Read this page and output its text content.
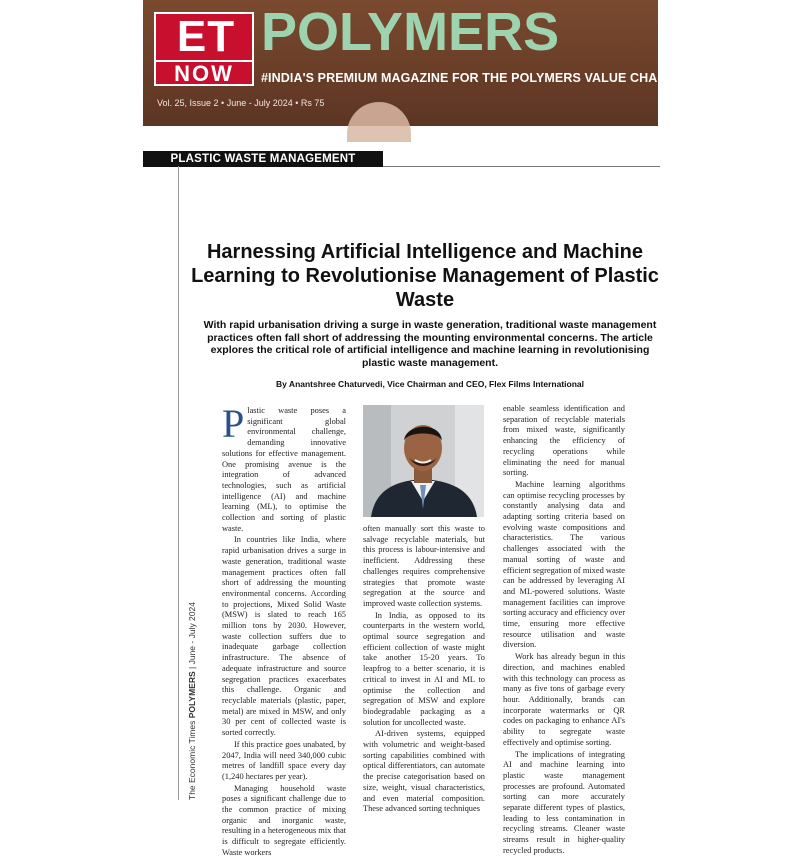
ET
NOW
POLYMERS
#INDIA'S PREMIUM MAGAZINE FOR THE POLYMERS VALUE CHAIN
Vol. 25, Issue 2 • June - July 2024 • Rs 75
PLASTIC WASTE MANAGEMENT
The Economic Times POLYMERS | June - July 2024
Harnessing Artificial Intelligence and Machine Learning to Revolutionise Management of Plastic Waste
With rapid urbanisation driving a surge in waste generation, traditional waste management practices often fall short of addressing the mounting environmental concerns. The article explores the critical role of artificial intelligence and machine learning in revolutionising plastic waste management.
By Anantshree Chaturvedi, Vice Chairman and CEO, Flex Films International

Plastic waste poses a significant global environmental challenge, demanding innovative solutions for effective management. One promising avenue is the integration of advanced technologies, such as artificial intelligence (AI) and machine learning (ML), to optimise the collection and sorting of plastic waste.

In countries like India, where rapid urbanisation drives a surge in waste generation, traditional waste management practices often fall short of addressing the mounting environmental concerns. According to projections, Mixed Solid Waste (MSW) is slated to reach 165 million tons by 2030. However, waste collection suffers due to inadequate garbage collection infrastructure. The absence of adequate infrastructure and source segregation practices exacerbates this challenge. Organic and recyclable materials (plastic, paper, metal) are mixed in MSW, and only 30 per cent of collected waste is sorted correctly.

If this practice goes unabated, by 2047, India will need 340,000 cubic metres of landfill space every day (1,240 hectares per year).

Managing household waste poses a significant challenge due to the common practice of mixing organic and inorganic waste, resulting in a heterogeneous mix that is difficult to segregate efficiently. Waste workers

often manually sort this waste to salvage recyclable materials, but this process is labour-intensive and inefficient. Addressing these challenges requires comprehensive strategies that promote waste segregation at the source and improved waste collection systems.

In India, as opposed to its counterparts in the western world, optimal source segregation and efficient collection of waste might take another 15-20 years. To leapfrog to a better scenario, it is critical to invest in AI and ML to optimise the collection and segregation of MSW and explore biodegradable packaging as a solution for uncollected waste.

AI-driven systems, equipped with volumetric and weight-based sorting capabilities combined with optical differentiators, can automate the precise categorisation based on size, weight, visual characteristics, and even material composition. These advanced sorting techniques

enable seamless identification and separation of recyclable materials from mixed waste, significantly enhancing the efficiency of recycling operations while eliminating the need for manual sorting.

Machine learning algorithms can optimise recycling processes by constantly analysing data and adapting sorting criteria based on evolving waste compositions and characteristics. The various challenges associated with the manual sorting of waste and efficient segregation of mixed waste can be addressed by leveraging AI and ML-powered solutions. Waste management facilities can improve sorting accuracy and efficiency over time, ensuring more effective resource utilisation and waste diversion.

Work has already begun in this direction, and machines enabled with this technology can process as many as five tons of garbage every hour. Additionally, brands can incorporate watermarks or QR codes on packaging to enhance AI's ability to segregate waste effectively and optimise sorting.

The implications of integrating AI and machine learning into plastic waste management processes are profound. Automated sorting can more accurately separate different types of plastics, leading to less contamination in recycling streams. Cleaner waste streams result in higher-quality recycled products.
